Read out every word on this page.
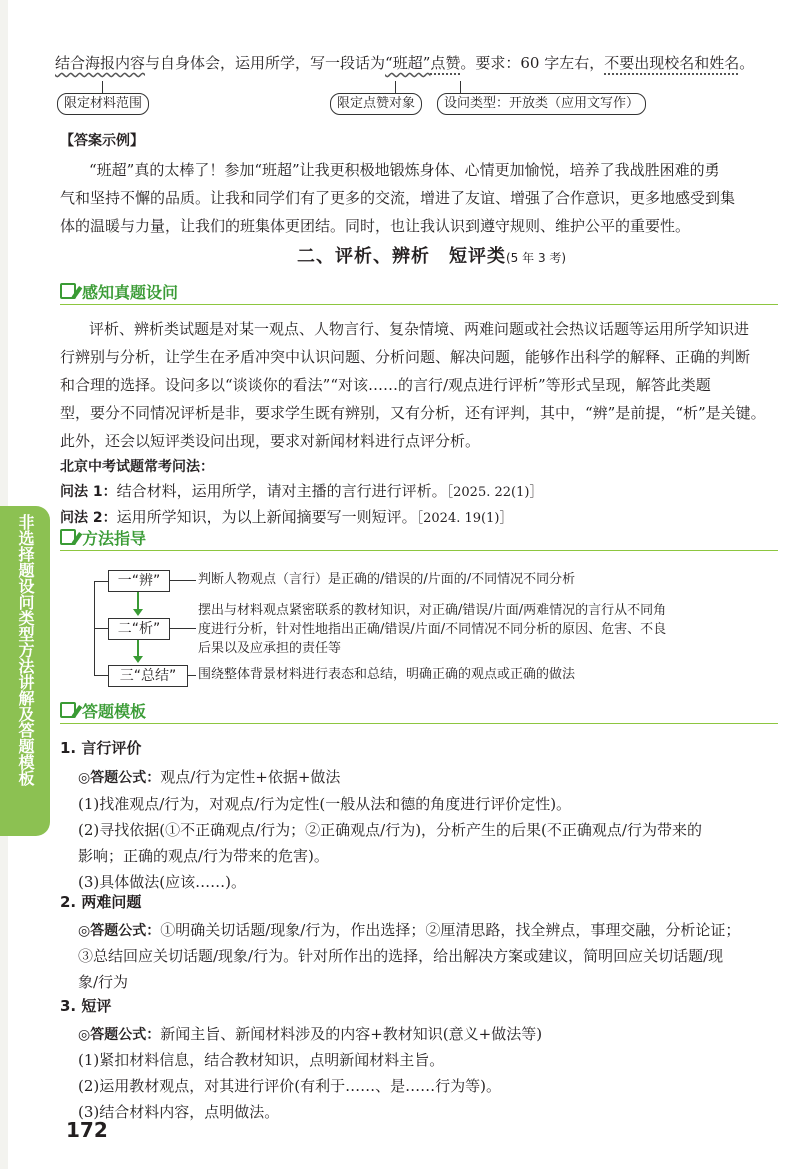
结合海报内容与自身体会，运用所学，写一段话为“班超”点赞。要求：60 字左右，不要出现校名和姓名。
限定材料范围	限定点赞对象	设问类型：开放类（应用文写作）
【答案示例】
“班超”真的太棒了！参加“班超”让我更积极地锻炼身体、心情更加愉悦，培养了我战胜困难的勇
气和坚持不懈的品质。让我和同学们有了更多的交流，增进了友谊、增强了合作意识，更多地感受到集
体的温暖与力量，让我们的班集体更团结。同时，也让我认识到遵守规则、维护公平的重要性。
二、评析、辨析　短评类(5 年 3 考)
感知真题设问
评析、辨析类试题是对某一观点、人物言行、复杂情境、两难问题或社会热议话题等运用所学知识进
行辨别与分析，让学生在矛盾冲突中认识问题、分析问题、解决问题，能够作出科学的解释、正确的判断
和合理的选择。设问多以“谈谈你的看法”“对该……的言行/观点进行评析”等形式呈现，解答此类题
型，要分不同情况评析是非，要求学生既有辨别，又有分析，还有评判，其中，“辨”是前提，“析”是关键。
此外，还会以短评类设问出现，要求对新闻材料进行点评分析。
北京中考试题常考问法：
问法 1：结合材料，运用所学，请对主播的言行进行评析。［2025. 22(1)］
问法 2：运用所学知识，为以上新闻摘要写一则短评。［2024. 19(1)］
非选择题设问类型方法讲解及答题模板	方法指导
一“辨”
二“析”
三“总结”
判断人物观点（言行）是正确的/错误的/片面的/不同情况不同分析
摆出与材料观点紧密联系的教材知识，对正确/错误/片面/两难情况的言行从不同角
度进行分析，针对性地指出正确/错误/片面/不同情况不同分析的原因、危害、不良
后果以及应承担的责任等
围绕整体背景材料进行表态和总结，明确正确的观点或正确的做法
答题模板
1. 言行评价
◎答题公式：观点/行为定性+依据+做法
(1)找准观点/行为，对观点/行为定性(一般从法和德的角度进行评价定性)。
(2)寻找依据(①不正确观点/行为；②正确观点/行为)，分析产生的后果(不正确观点/行为带来的
影响；正确的观点/行为带来的危害)。
(3)具体做法(应该……)。
2. 两难问题
◎答题公式：①明确关切话题/现象/行为，作出选择；②厘清思路，找全辨点，事理交融，分析论证；
③总结回应关切话题/现象/行为。针对所作出的选择，给出解决方案或建议，简明回应关切话题/现
象/行为
3. 短评
◎答题公式：新闻主旨、新闻材料涉及的内容+教材知识(意义+做法等)
(1)紧扣材料信息，结合教材知识，点明新闻材料主旨。
(2)运用教材观点，对其进行评价(有利于……、是……行为等)。
(3)结合材料内容，点明做法。
172
